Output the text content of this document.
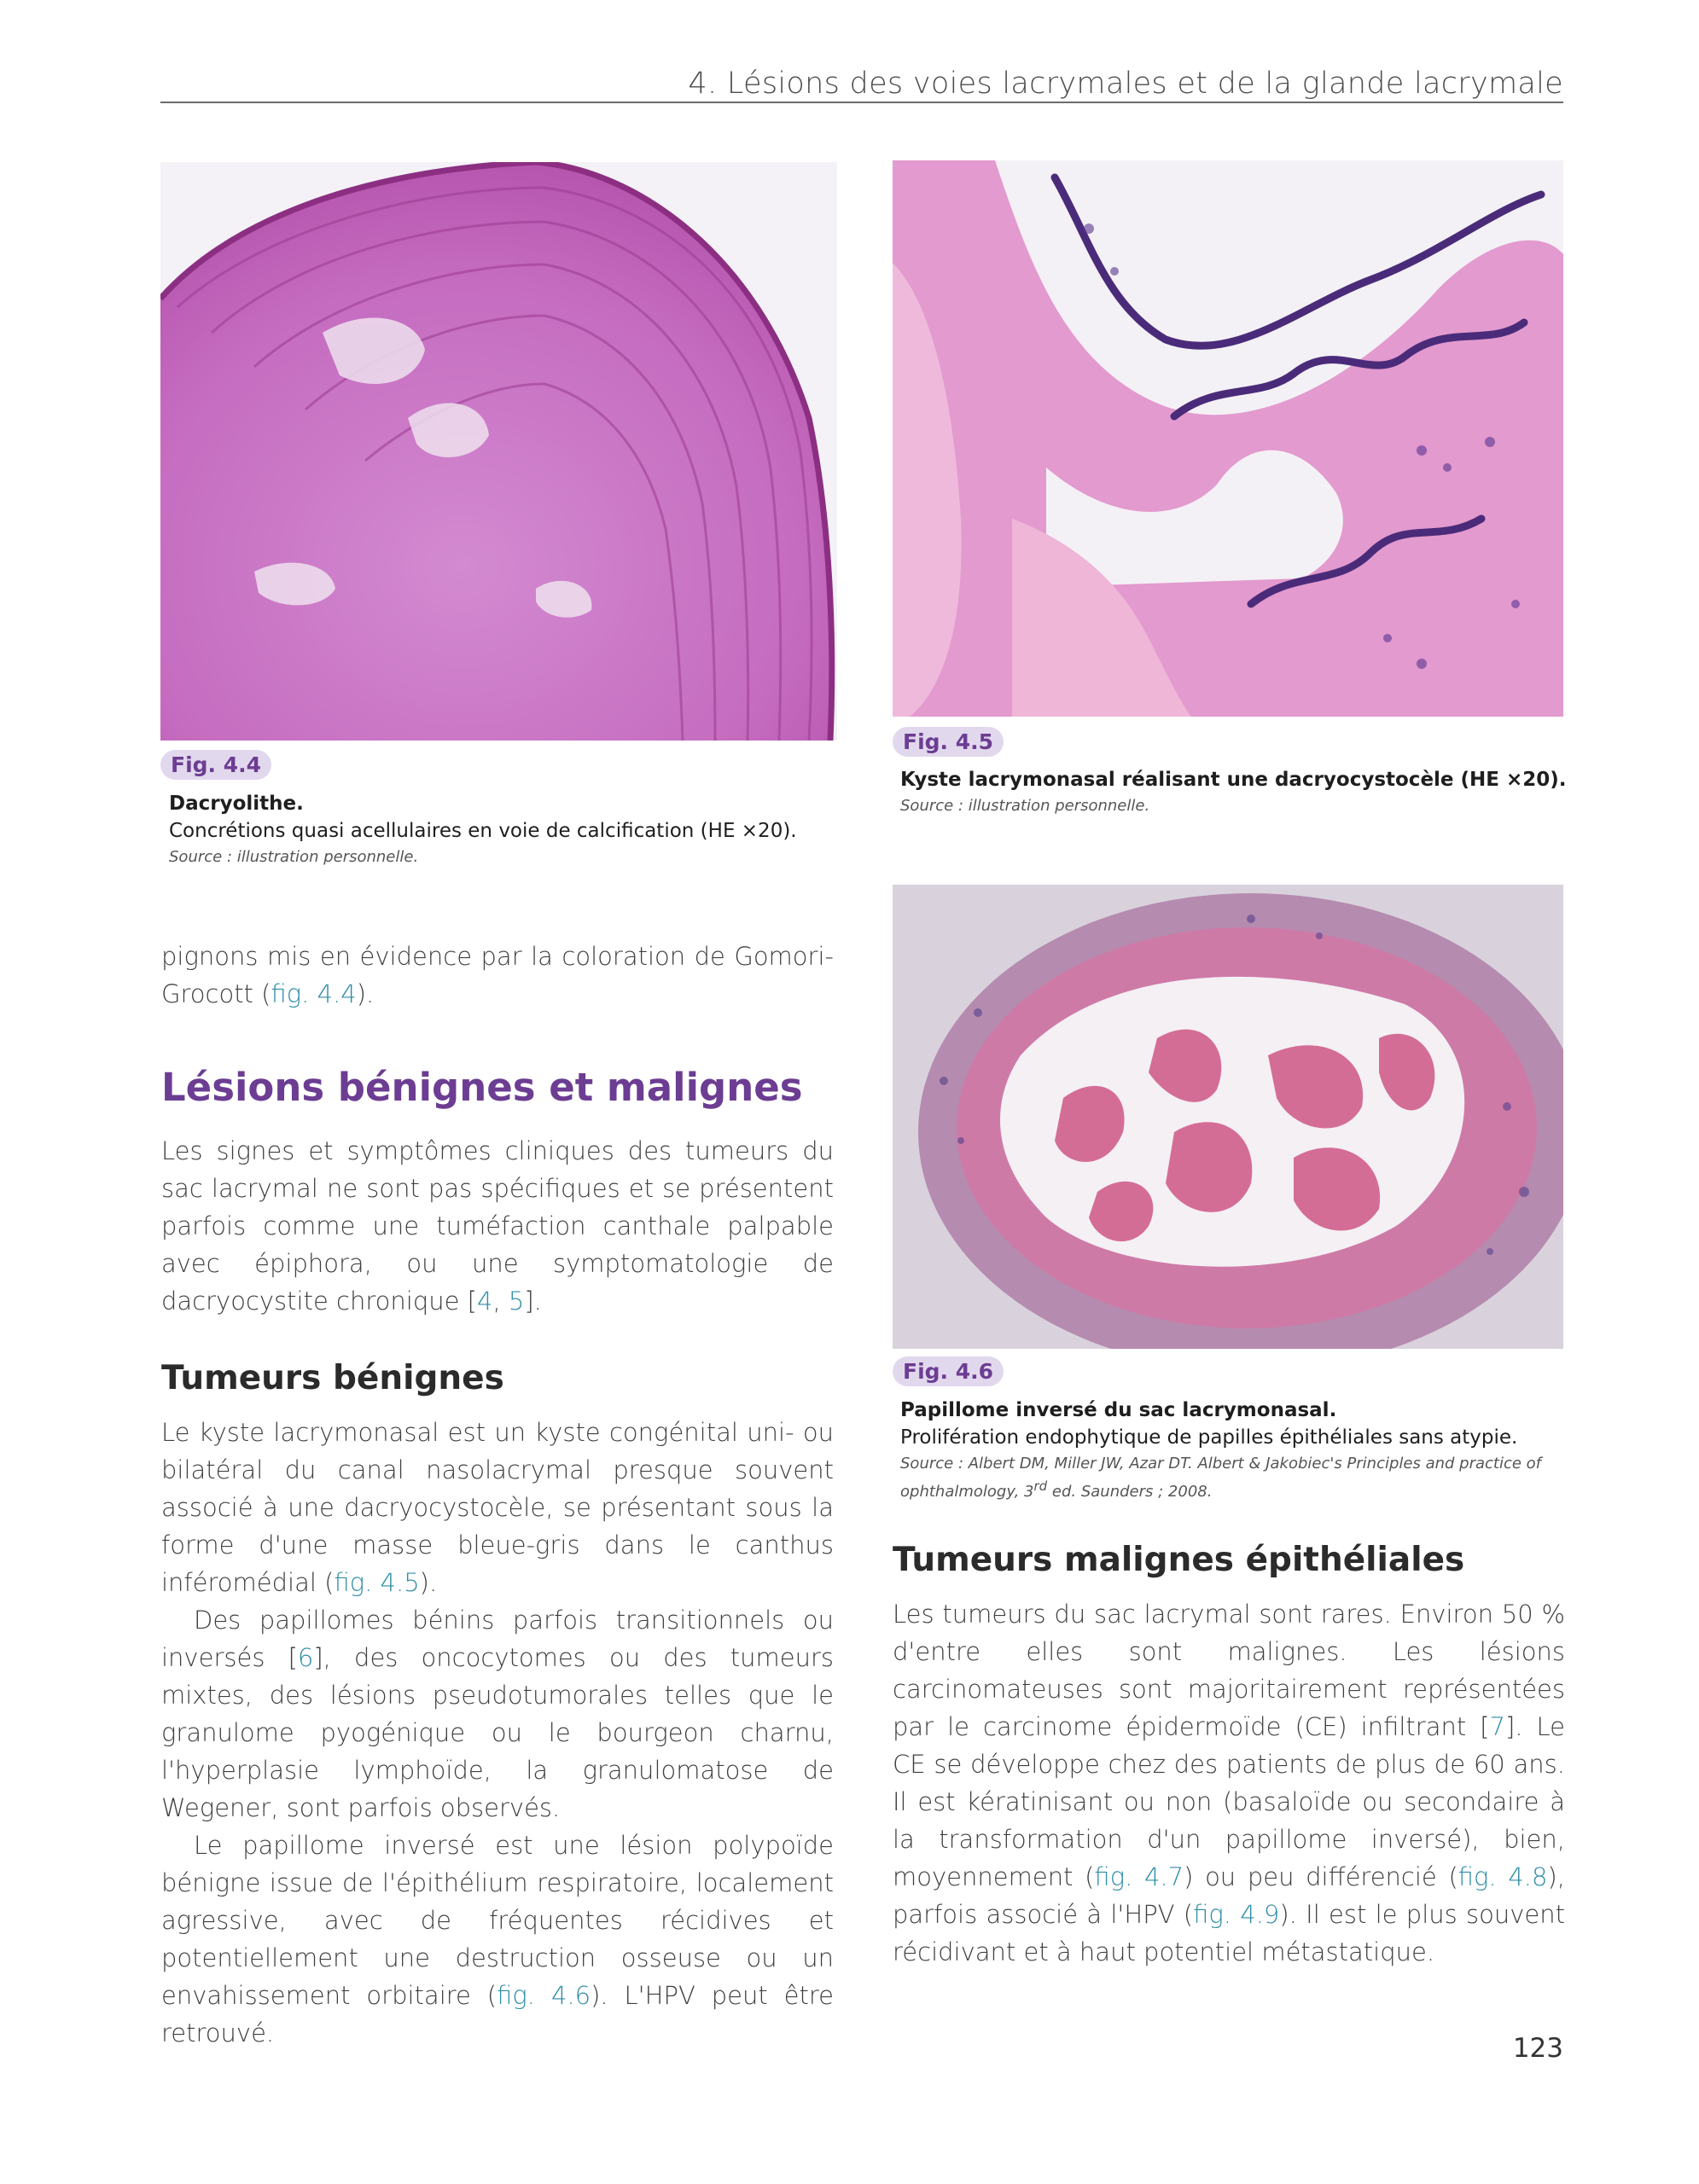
4. Lésions des voies lacrymales et de la glande lacrymale
Fig. 4.4
Dacryolithe.
Concrétions quasi acellulaires en voie de calcification (HE ×20).
Source : illustration personnelle.
Fig. 4.5
Kyste lacrymonasal réalisant une dacryocystocèle (HE ×20).
Source : illustration personnelle.
Fig. 4.6
Papillome inversé du sac lacrymonasal.
Prolifération endophytique de papilles épithéliales sans atypie.
Source : Albert DM, Miller JW, Azar DT. Albert & Jakobiec's Principles and practice of
ophthalmology, 3rd ed. Saunders ; 2008.

pignons mis en évidence par la coloration de Gomori-Grocott (fig. 4.4).

Lésions bénignes et malignes

Les signes et symptômes cliniques des tumeurs du sac lacrymal ne sont pas spécifiques et se présentent parfois comme une tuméfaction canthale palpable avec épiphora, ou une symptomatologie de dacryocystite chronique [4, 5].

Tumeurs bénignes

Le kyste lacrymonasal est un kyste congénital uni- ou bilatéral du canal nasolacrymal presque souvent associé à une dacryocystocèle, se présentant sous la forme d'une masse bleue-gris dans le canthus inféromédial (fig. 4.5).

Des papillomes bénins parfois transitionnels ou inversés [6], des oncocytomes ou des tumeurs mixtes, des lésions pseudotumorales telles que le granulome pyogénique ou le bourgeon charnu, l'hyperplasie lymphoïde, la granulomatose de Wegener, sont parfois observés.

Le papillome inversé est une lésion polypoïde bénigne issue de l'épithélium respiratoire, localement agressive, avec de fréquentes récidives et potentiellement une destruction osseuse ou un envahissement orbitaire (fig. 4.6). L'HPV peut être retrouvé.

Tumeurs malignes épithéliales

Les tumeurs du sac lacrymal sont rares. Environ 50 % d'entre elles sont malignes. Les lésions carcinomateuses sont majoritairement représentées par le carcinome épidermoïde (CE) infiltrant [7]. Le CE se développe chez des patients de plus de 60 ans. Il est kératinisant ou non (basaloïde ou secondaire à la transformation d'un papillome inversé), bien, moyennement (fig. 4.7) ou peu différencié (fig. 4.8), parfois associé à l'HPV (fig. 4.9). Il est le plus souvent récidivant et à haut potentiel métastatique.

123
